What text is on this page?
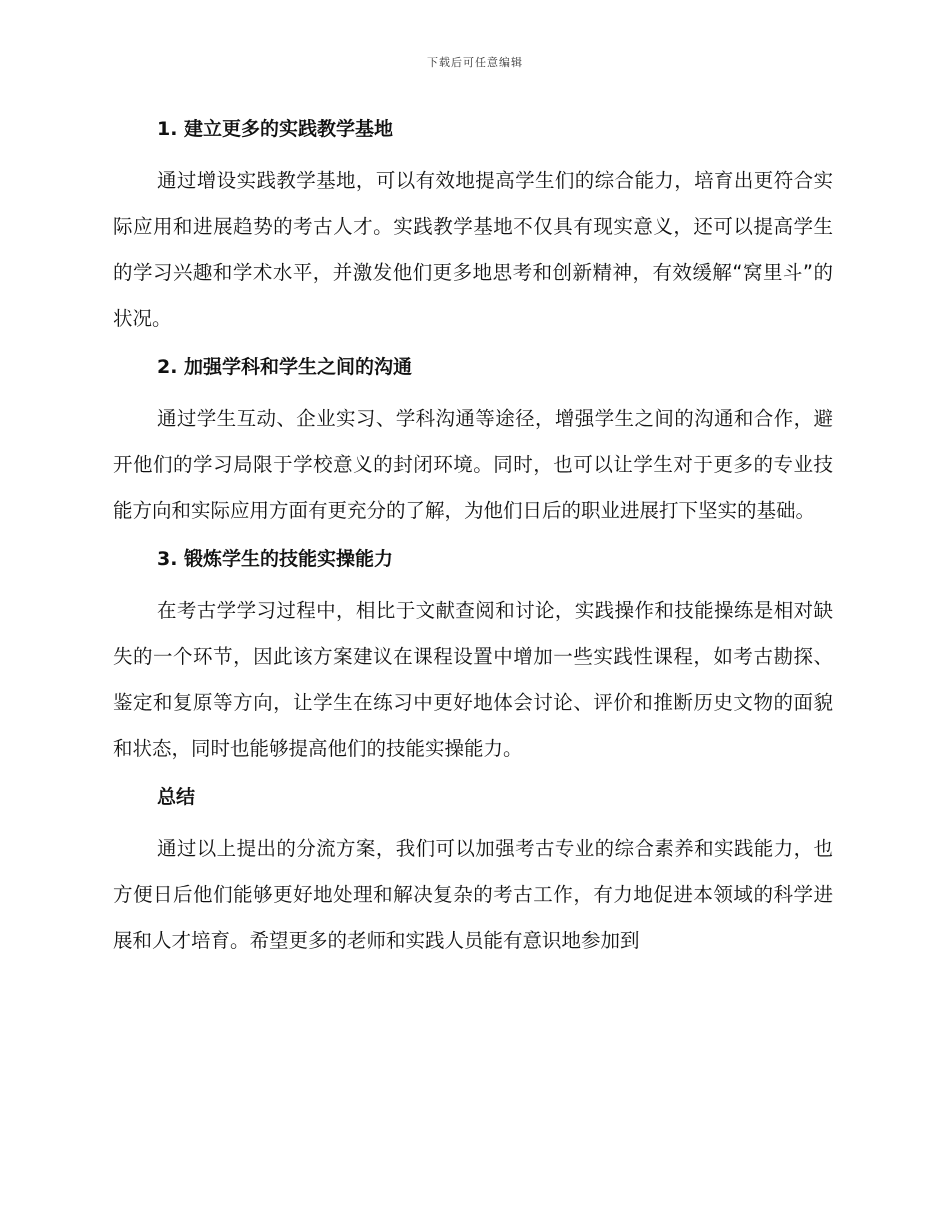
下载后可任意编辑
1. 建立更多的实践教学基地

通过增设实践教学基地，可以有效地提高学生们的综合能力，培育出更符合实际应用和进展趋势的考古人才。实践教学基地不仅具有现实意义，还可以提高学生的学习兴趣和学术水平，并激发他们更多地思考和创新精神，有效缓解“窝里斗”的状况。

2. 加强学科和学生之间的沟通

通过学生互动、企业实习、学科沟通等途径，增强学生之间的沟通和合作，避开他们的学习局限于学校意义的封闭环境。同时，也可以让学生对于更多的专业技能方向和实际应用方面有更充分的了解，为他们日后的职业进展打下坚实的基础。

3. 锻炼学生的技能实操能力

在考古学学习过程中，相比于文献查阅和讨论，实践操作和技能操练是相对缺失的一个环节，因此该方案建议在课程设置中增加一些实践性课程，如考古勘探、鉴定和复原等方向，让学生在练习中更好地体会讨论、评价和推断历史文物的面貌和状态，同时也能够提高他们的技能实操能力。

总结

通过以上提出的分流方案，我们可以加强考古专业的综合素养和实践能力，也方便日后他们能够更好地处理和解决复杂的考古工作，有力地促进本领域的科学进展和人才培育。希望更多的老师和实践人员能有意识地参加到
